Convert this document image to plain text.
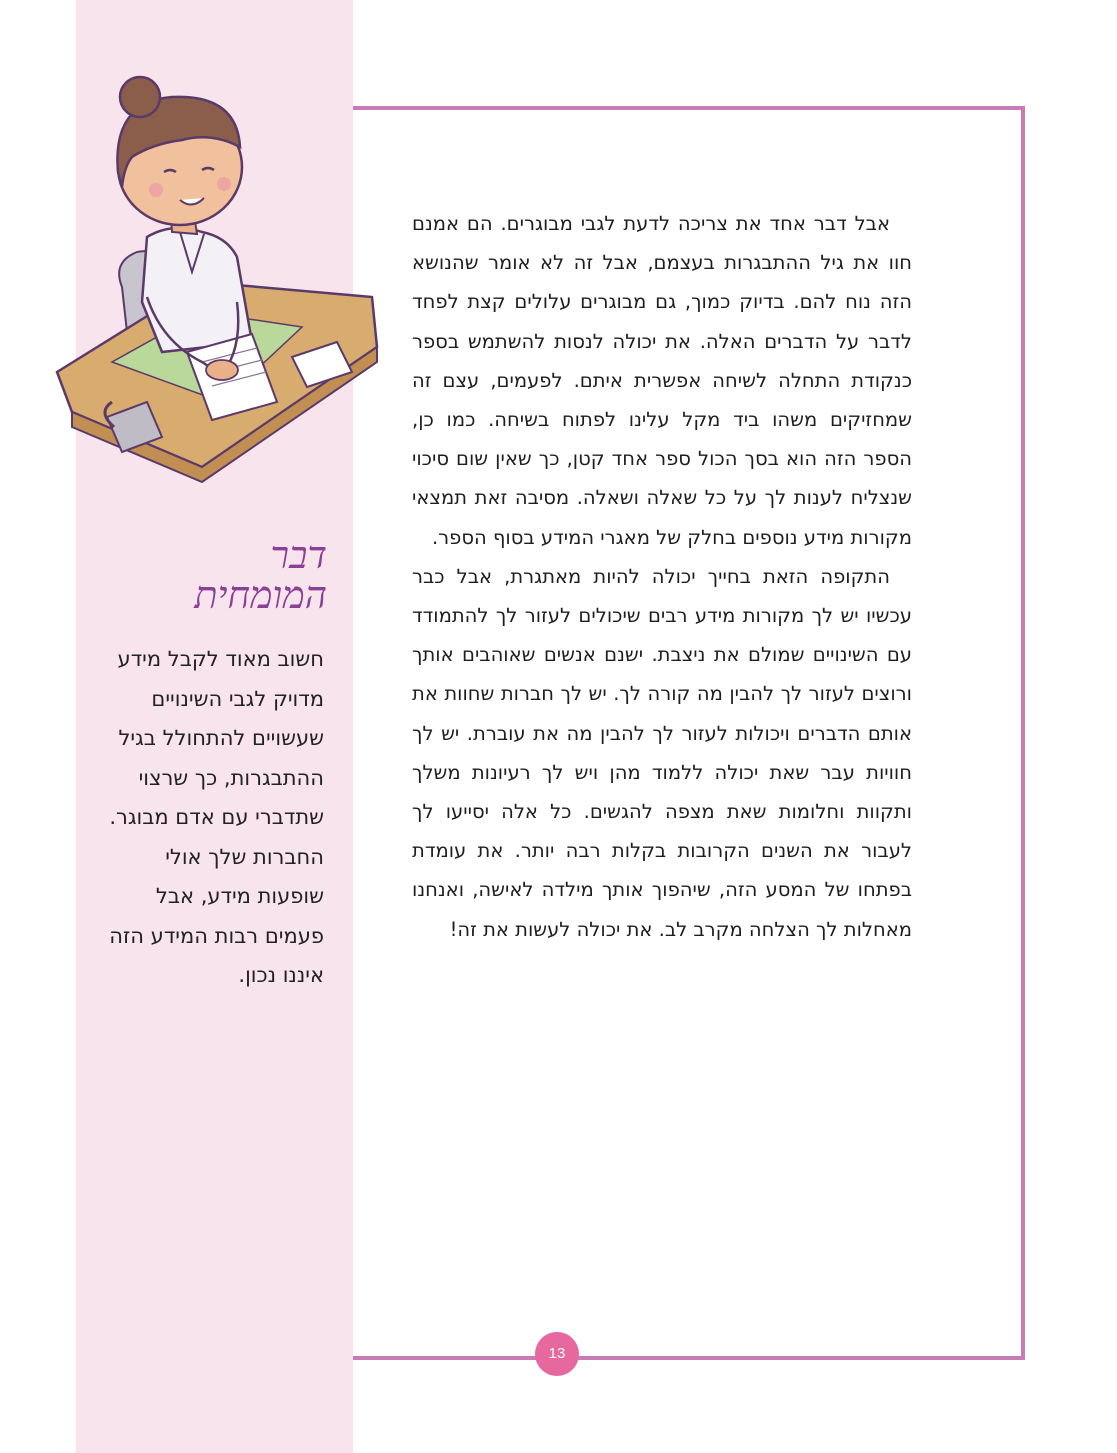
דבר
המומחית

חשוב מאוד לקבל מידע מדויק לגבי השינויים שעשויים להתחולל בגיל ההתבגרות, כך שרצוי שתדברי עם אדם מבוגר. החברות שלך אולי שופעות מידע, אבל פעמים רבות המידע הזה איננו נכון.

אבל דבר אחד את צריכה לדעת לגבי מבוגרים. הם אמנם חוו את גיל ההתבגרות בעצמם, אבל זה לא אומר שהנושא הזה נוח להם. בדיוק כמוך, גם מבוגרים עלולים קצת לפחד לדבר על הדברים האלה. את יכולה לנסות להשתמש בספר כנקודת התחלה לשיחה אפשרית איתם. לפעמים, עצם זה שמחזיקים משהו ביד מקל עלינו לפתוח בשיחה. כמו כן, הספר הזה הוא בסך הכול ספר אחד קטן, כך שאין שום סיכוי שנצליח לענות לך על כל שאלה ושאלה. מסיבה זאת תמצאי מקורות מידע נוספים בחלק של מאגרי המידע בסוף הספר.

התקופה הזאת בחייך יכולה להיות מאתגרת, אבל כבר עכשיו יש לך מקורות מידע רבים שיכולים לעזור לך להתמודד עם השינויים שמולם את ניצבת. ישנם אנשים שאוהבים אותך ורוצים לעזור לך להבין מה קורה לך. יש לך חברות שחוות את אותם הדברים ויכולות לעזור לך להבין מה את עוברת. יש לך חוויות עבר שאת יכולה ללמוד מהן ויש לך רעיונות משלך ותקוות וחלומות שאת מצפה להגשים. כל אלה יסייעו לך לעבור את השנים הקרובות בקלות רבה יותר. את עומדת בפתחו של המסע הזה, שיהפוך אותך מילדה לאישה, ואנחנו מאחלות לך הצלחה מקרב לב. את יכולה לעשות את זה!

13
